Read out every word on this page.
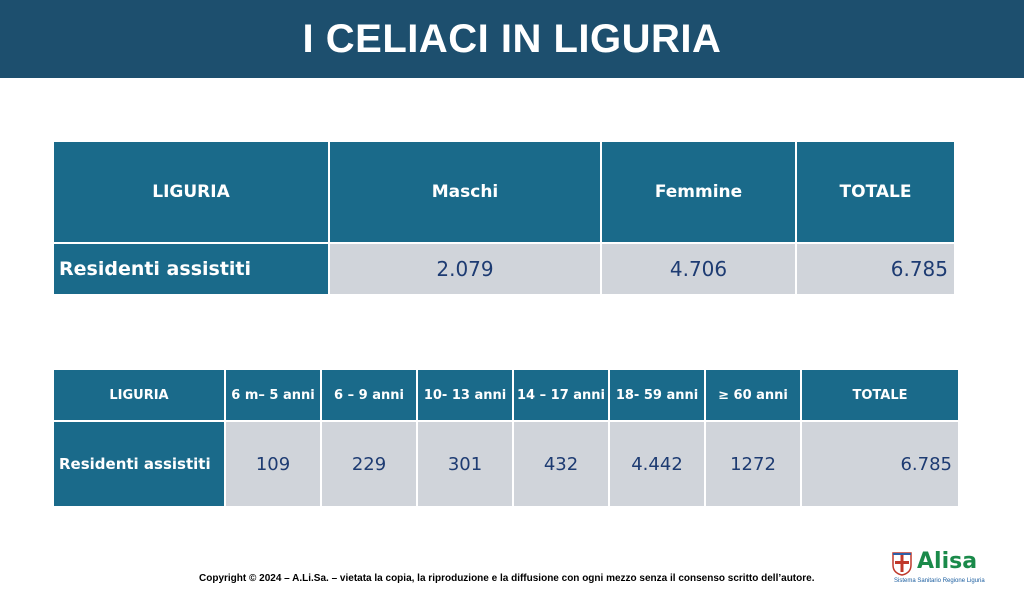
I CELIACI IN LIGURIA
LIGURIA	Maschi	Femmine	TOTALE
Residenti assistiti	2.079	4.706	6.785
LIGURIA	6 m– 5 anni	6 – 9 anni	10- 13 anni	14 – 17 anni	18- 59 anni	≥ 60 anni	TOTALE
Residenti assistiti	109	229	301	432	4.442	1272	6.785
Copyright © 2024 – A.Li.Sa. – vietata la copia, la riproduzione e la diffusione con ogni mezzo senza il consenso scritto dell’autore.
Alisa
Sistema Sanitario Regione Liguria
